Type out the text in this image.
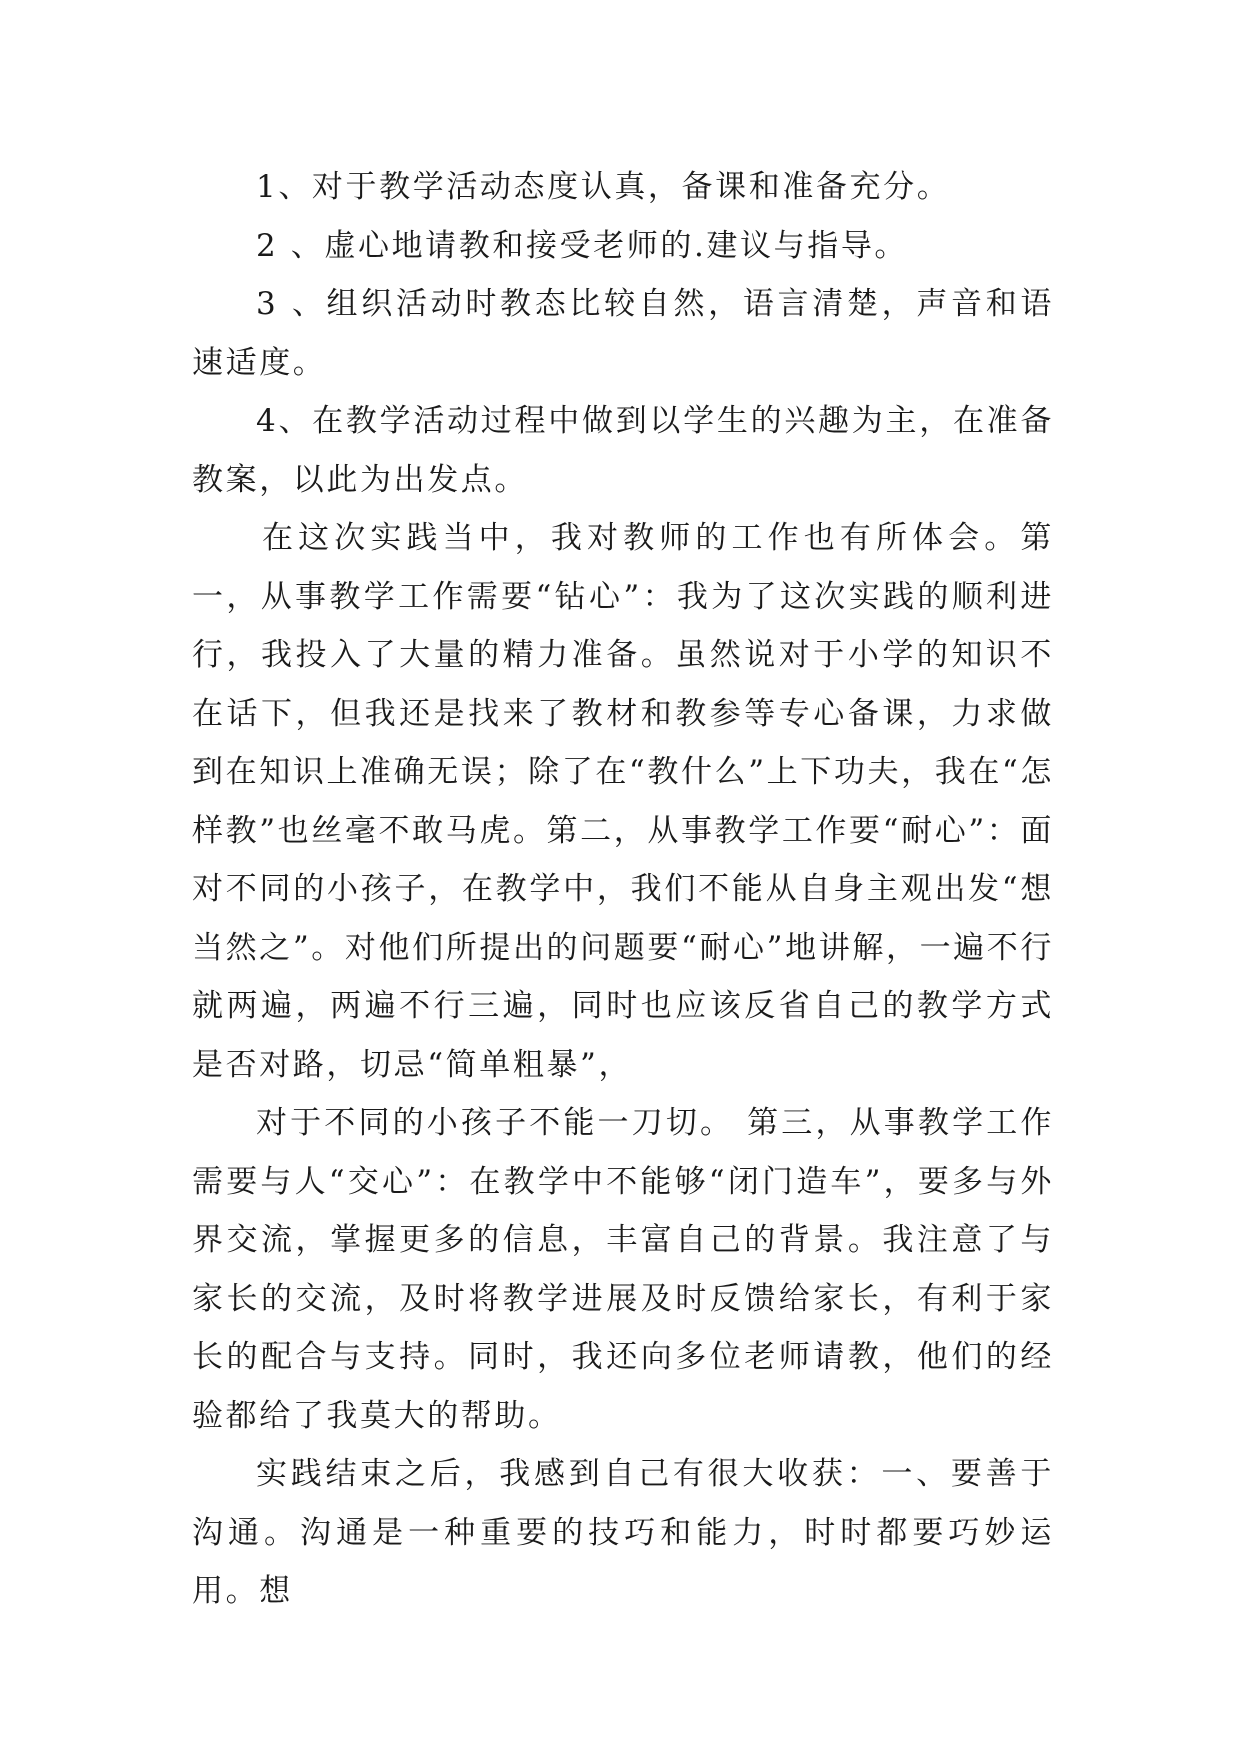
1、对于教学活动态度认真，备课和准备充分。

2 、虚心地请教和接受老师的.建议与指导。

3 、组织活动时教态比较自然，语言清楚，声音和语速适度。

4、在教学活动过程中做到以学生的兴趣为主，在准备教案，以此为出发点。

在这次实践当中，我对教师的工作也有所体会。第一，从事教学工作需要“钻心”：我为了这次实践的顺利进行，我投入了大量的精力准备。虽然说对于小学的知识不在话下，但我还是找来了教材和教参等专心备课，力求做到在知识上准确无误；除了在“教什么”上下功夫，我在“怎样教”也丝毫不敢马虎。第二，从事教学工作要“耐心”：面对不同的小孩子，在教学中，我们不能从自身主观出发“想当然之”。对他们所提出的问题要“耐心”地讲解，一遍不行就两遍，两遍不行三遍，同时也应该反省自己的教学方式是否对路，切忌“简单粗暴”，

对于不同的小孩子不能一刀切。 第三，从事教学工作需要与人“交心”：在教学中不能够“闭门造车”，要多与外界交流，掌握更多的信息，丰富自己的背景。我注意了与家长的交流，及时将教学进展及时反馈给家长，有利于家长的配合与支持。同时，我还向多位老师请教，他们的经验都给了我莫大的帮助。

实践结束之后，我感到自己有很大收获：一、要善于沟通。沟通是一种重要的技巧和能力，时时都要巧妙运用。想
